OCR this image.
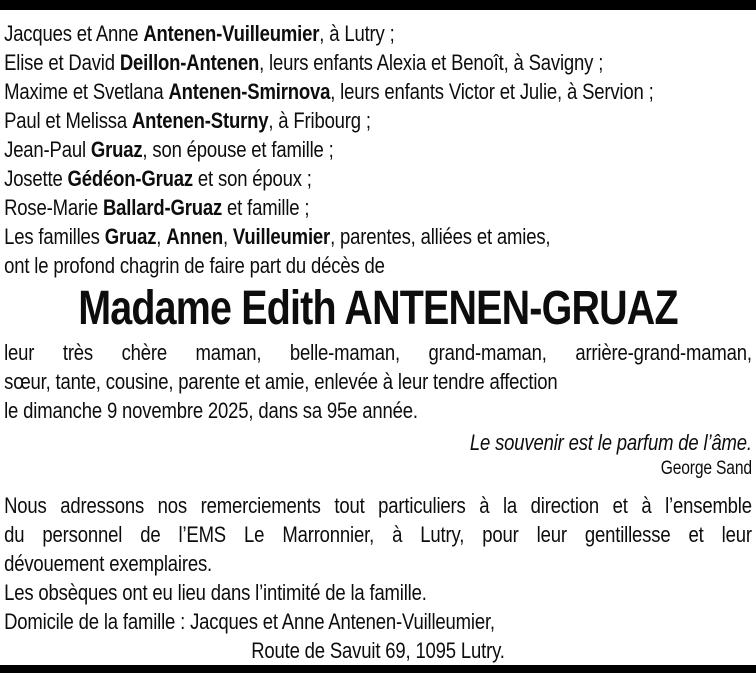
Jacques et Anne Antenen-Vuilleumier, à Lutry ;
Elise et David Deillon-Antenen, leurs enfants Alexia et Benoît, à Savigny ;
Maxime et Svetlana Antenen-Smirnova, leurs enfants Victor et Julie, à Servion ;
Paul et Melissa Antenen-Sturny, à Fribourg ;
Jean-Paul Gruaz, son épouse et famille ;
Josette Gédéon-Gruaz et son époux ;
Rose-Marie Ballard-Gruaz et famille ;
Les familles Gruaz, Annen, Vuilleumier, parentes, alliées et amies,
ont le profond chagrin de faire part du décès de
Madame Edith ANTENEN-GRUAZ
leur très chère maman, belle-maman, grand-maman, arrière-grand-maman,
sœur, tante, cousine, parente et amie, enlevée à leur tendre affection
le dimanche 9 novembre 2025, dans sa 95e année.
Le souvenir est le parfum de l’âme.
George Sand
Nous adressons nos remerciements tout particuliers à la direction et à l’ensemble
du personnel de l’EMS Le Marronnier, à Lutry, pour leur gentillesse et leur
dévouement exemplaires.
Les obsèques ont eu lieu dans l’intimité de la famille.
Domicile de la famille : Jacques et Anne Antenen-Vuilleumier,
Route de Savuit 69, 1095 Lutry.
